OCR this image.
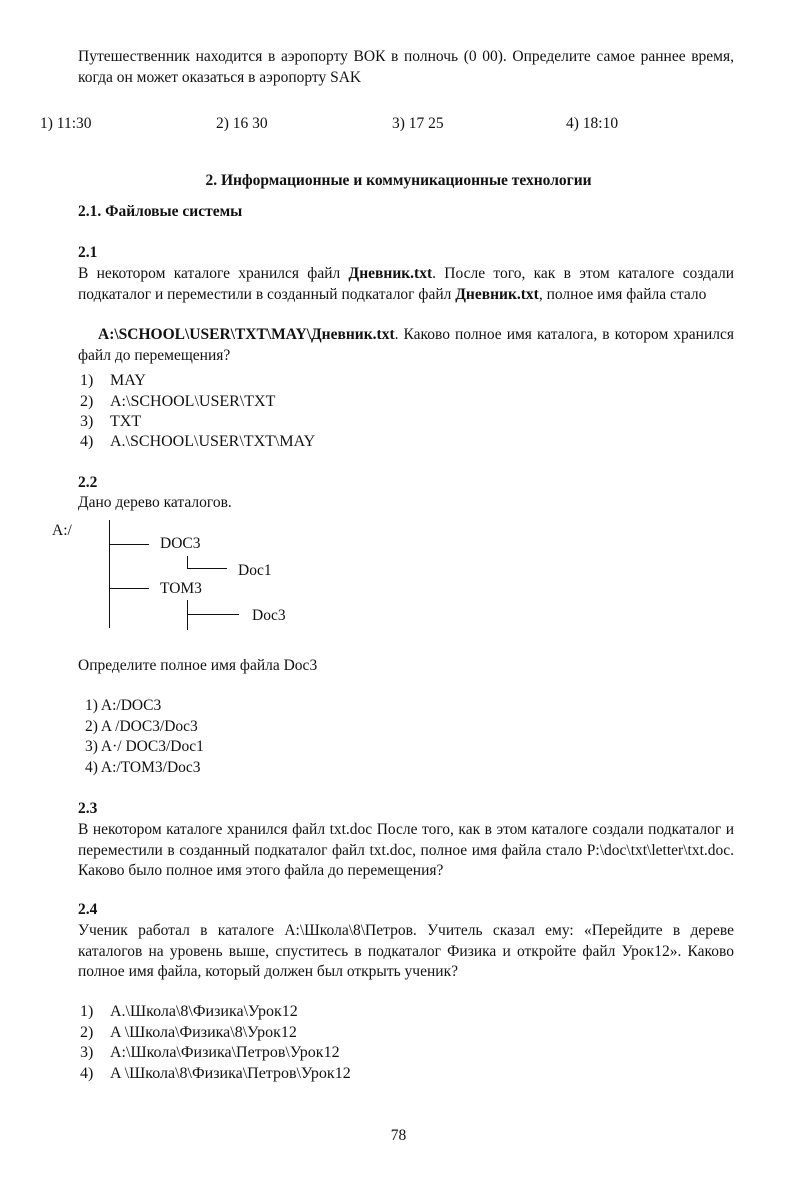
Путешественник находится в аэропорту ВОК в полночь (0 00). Определите самое раннее время, когда он может оказаться в аэропорту SAK
1) 11:30	2) 16 30	3) 17 25	4) 18:10
2. Информационные и коммуникационные технологии
2.1. Файловые системы
2.1
В некотором каталоге хранился файл Дневник.txt. После того, как в этом каталоге создали подкаталог и переместили в созданный подкаталог файл Дневник.txt, полное имя файла стало
A:\SCHOOL\USER\TXT\MAY\Дневник.txt. Каково полное имя каталога, в котором хранился файл до перемещения?
1) MAY
2) A:\SCHOOL\USER\TXT
3) TXT
4) A.\SCHOOL\USER\TXT\MAY
2.2
Дано дерево каталогов.
A:/
DOC3
Doc1
TOM3
Doc3
Определите полное имя файла Doc3
1) A:/DOC3
2) A /DOC3/Doc3
3) A·/ DOC3/Doc1
4) A:/TOM3/Doc3
2.3
В некотором каталоге хранился файл txt.doc После того, как в этом каталоге создали подкаталог и переместили в созданный подкаталог файл txt.doc, полное имя файла стало P:\doc\txt\letter\txt.doc. Каково было полное имя этого файла до перемещения?
2.4
Ученик работал в каталоге A:\Школа\8\Петров. Учитель сказал ему: «Перейдите в дереве каталогов на уровень выше, спуститесь в подкаталог Физика и откройте файл Урок12». Каково полное имя файла, который должен был открыть ученик?
1) A.\Школа\8\Физика\Урок12
2) A \Школа\Физика\8\Урок12
3) A:\Школа\Физика\Петров\Урок12
4) A \Школа\8\Физика\Петров\Урок12
78
